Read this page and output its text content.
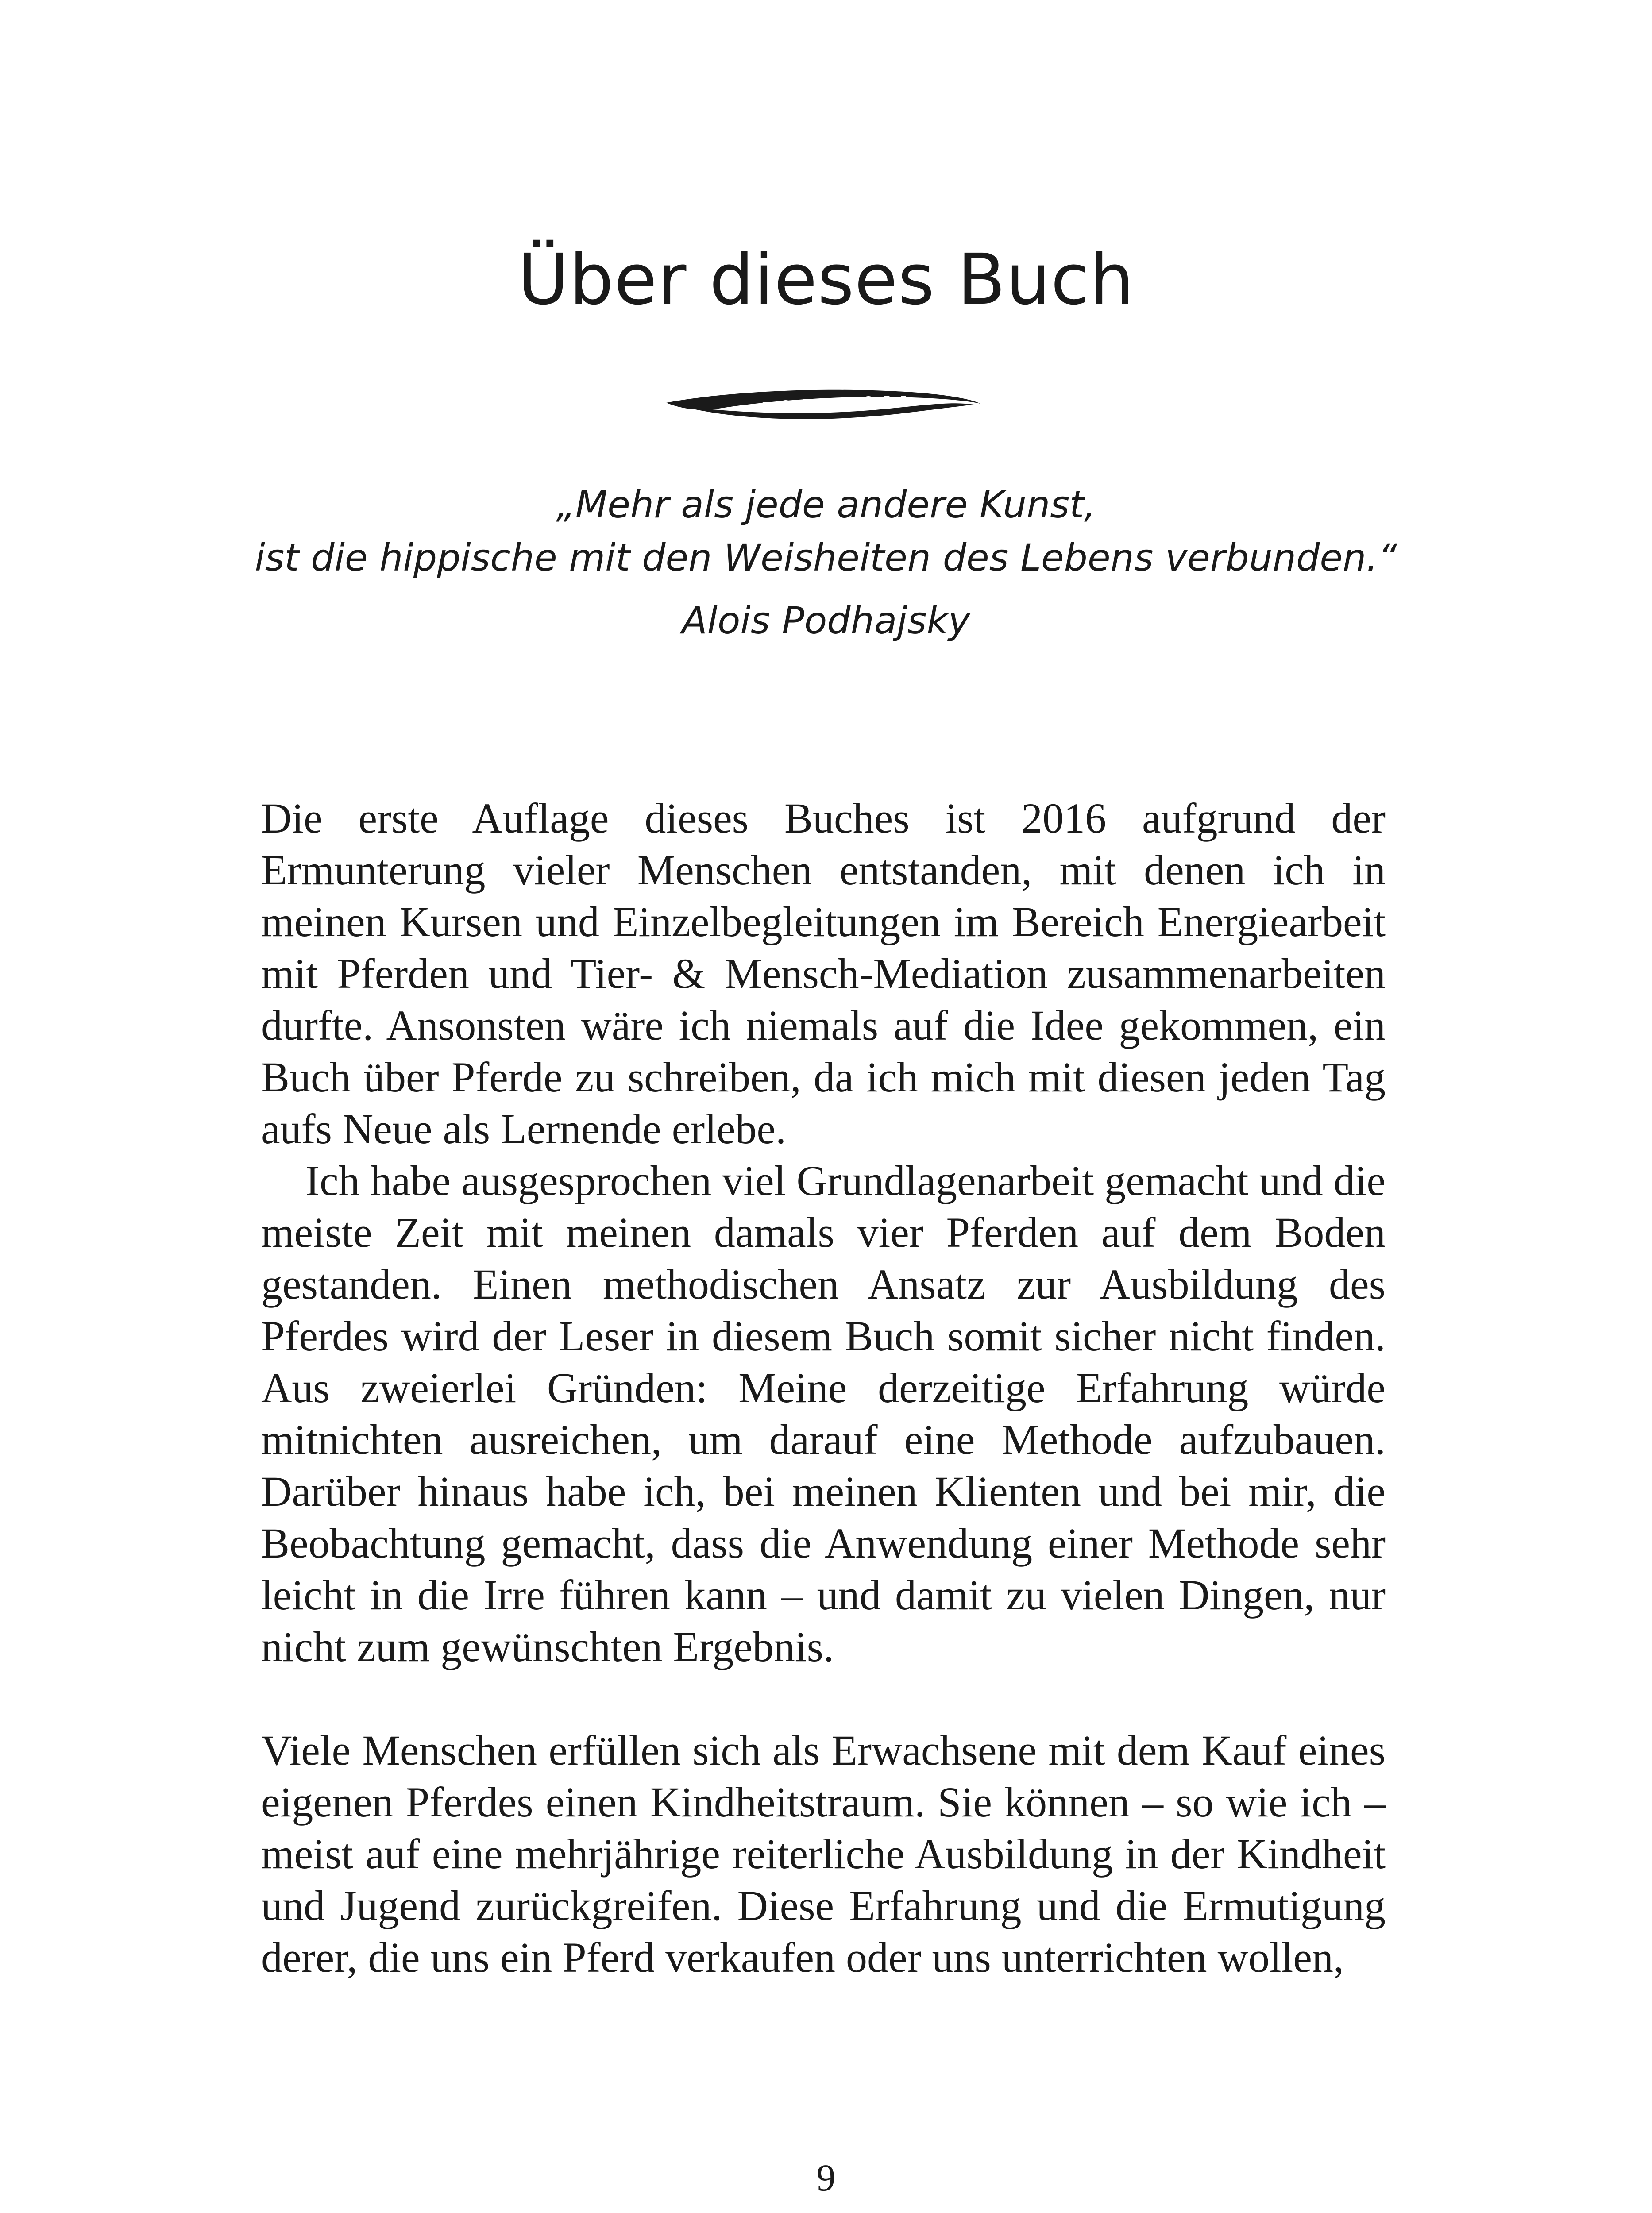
Über dieses Buch
„Mehr als jede andere Kunst,
ist die hippische mit den Weisheiten des Lebens verbunden.“
Alois Podhajsky

Die erste Auflage dieses Buches ist 2016 aufgrund der Ermunterung vieler Menschen entstanden, mit denen ich in meinen Kursen und Einzelbegleitungen im Bereich Energiearbeit mit Pferden und Tier- & Mensch-Mediation zusammenarbeiten durfte. Ansonsten wäre ich niemals auf die Idee gekommen, ein Buch über Pferde zu schreiben, da ich mich mit diesen jeden Tag aufs Neue als Lernende erlebe.

Ich habe ausgesprochen viel Grundlagenarbeit gemacht und die meiste Zeit mit meinen damals vier Pferden auf dem Boden gestanden. Einen methodischen Ansatz zur Ausbildung des Pferdes wird der Leser in diesem Buch somit sicher nicht finden. Aus zweierlei Gründen: Meine derzeitige Erfahrung würde mitnichten ausreichen, um darauf eine Methode aufzubauen. Darüber hinaus habe ich, bei meinen Klienten und bei mir, die Beobachtung gemacht, dass die Anwendung einer Methode sehr leicht in die Irre führen kann – und damit zu vielen Dingen, nur nicht zum gewünschten Ergebnis.

Viele Menschen erfüllen sich als Erwachsene mit dem Kauf eines eigenen Pferdes einen Kindheitstraum. Sie können – so wie ich – meist auf eine mehrjährige reiterliche Ausbildung in der Kindheit und Jugend zurückgreifen. Diese Erfahrung und die Ermutigung derer, die uns ein Pferd verkaufen oder uns unterrichten wollen,

9
